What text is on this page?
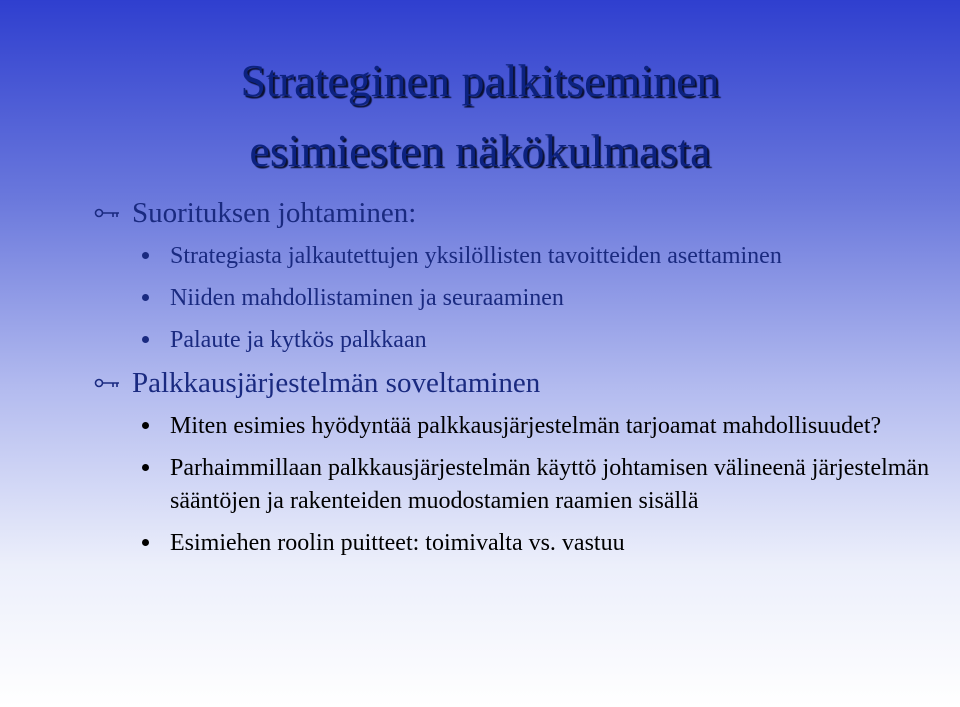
Strateginen palkitseminen
esimiesten näkökulmasta
Suorituksen johtaminen:
Strategiasta jalkautettujen yksilöllisten tavoitteiden asettaminen
Niiden mahdollistaminen ja seuraaminen
Palaute ja kytkös palkkaan
Palkkausjärjestelmän soveltaminen
Miten esimies hyödyntää palkkausjärjestelmän tarjoamat mahdollisuudet?
Parhaimmillaan palkkausjärjestelmän käyttö johtamisen välineenä järjestelmän sääntöjen ja rakenteiden muodostamien raamien sisällä
Esimiehen roolin puitteet: toimivalta vs. vastuu
